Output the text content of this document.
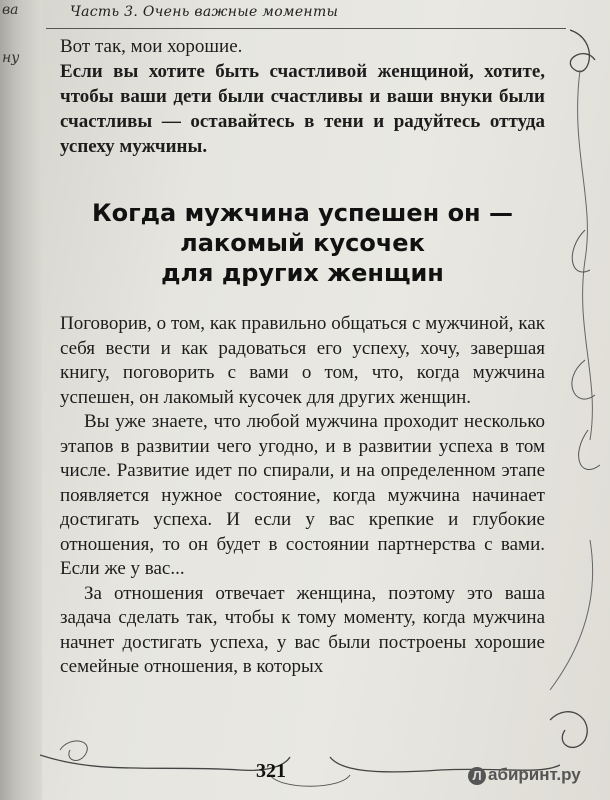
ва
ну
Часть 3. Очень важные моменты

Вот так, мои хорошие.

Если вы хотите быть счастливой женщиной, хотите, чтобы ваши дети были счастливы и ваши внуки были счастливы — оставайтесь в тени и радуйтесь оттуда успеху мужчины.

Когда мужчина успешен он —
лакомый кусочек
для других женщин

Поговорив, о том, как правильно общаться с мужчиной, как себя вести и как радоваться его успеху, хочу, завершая книгу, поговорить с вами о том, что, когда мужчина успешен, он лакомый кусочек для других женщин.

Вы уже знаете, что любой мужчина проходит несколько этапов в развитии чего угодно, и в развитии успеха в том числе. Развитие идет по спирали, и на определенном этапе появляется нужное состояние, когда мужчина начинает достигать успеха. И если у вас крепкие и глубокие отношения, то он будет в состоянии партнерства с вами. Если же у вас...

За отношения отвечает женщина, поэтому это ваша задача сделать так, чтобы к тому моменту, когда мужчина начнет достигать успеха, у вас были построены хорошие семейные отношения, в которых

321	Л абиринт.ру
